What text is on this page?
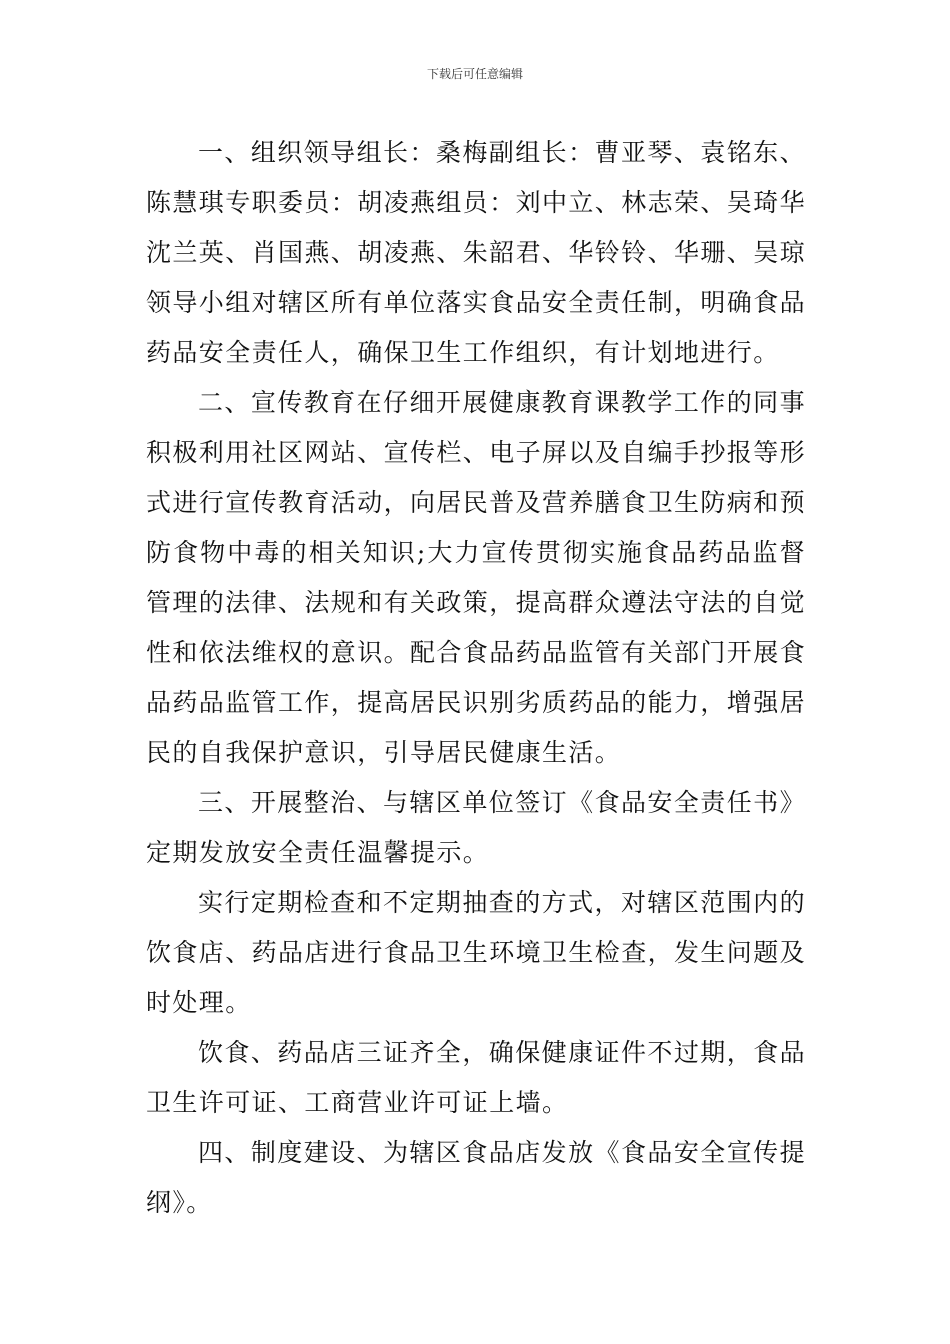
下载后可任意编辑

一、组织领导组长：桑梅副组长：曹亚琴、袁铭东、陈慧琪专职委员：胡凌燕组员：刘中立、林志荣、吴琦华沈兰英、肖国燕、胡凌燕、朱韶君、华铃铃、华珊、吴琼领导小组对辖区所有单位落实食品安全责任制，明确食品药品安全责任人，确保卫生工作组织，有计划地进行。

二、宣传教育在仔细开展健康教育课教学工作的同事积极利用社区网站、宣传栏、电子屏以及自编手抄报等形式进行宣传教育活动，向居民普及营养膳食卫生防病和预防食物中毒的相关知识;大力宣传贯彻实施食品药品监督管理的法律、法规和有关政策，提高群众遵法守法的自觉性和依法维权的意识。配合食品药品监管有关部门开展食品药品监管工作，提高居民识别劣质药品的能力，增强居民的自我保护意识，引导居民健康生活。

三、开展整治、与辖区单位签订《食品安全责任书》定期发放安全责任温馨提示。

实行定期检查和不定期抽查的方式，对辖区范围内的饮食店、药品店进行食品卫生环境卫生检查，发生问题及时处理。

饮食、药品店三证齐全，确保健康证件不过期，食品卫生许可证、工商营业许可证上墙。

四、制度建设、为辖区食品店发放《食品安全宣传提纲》。
